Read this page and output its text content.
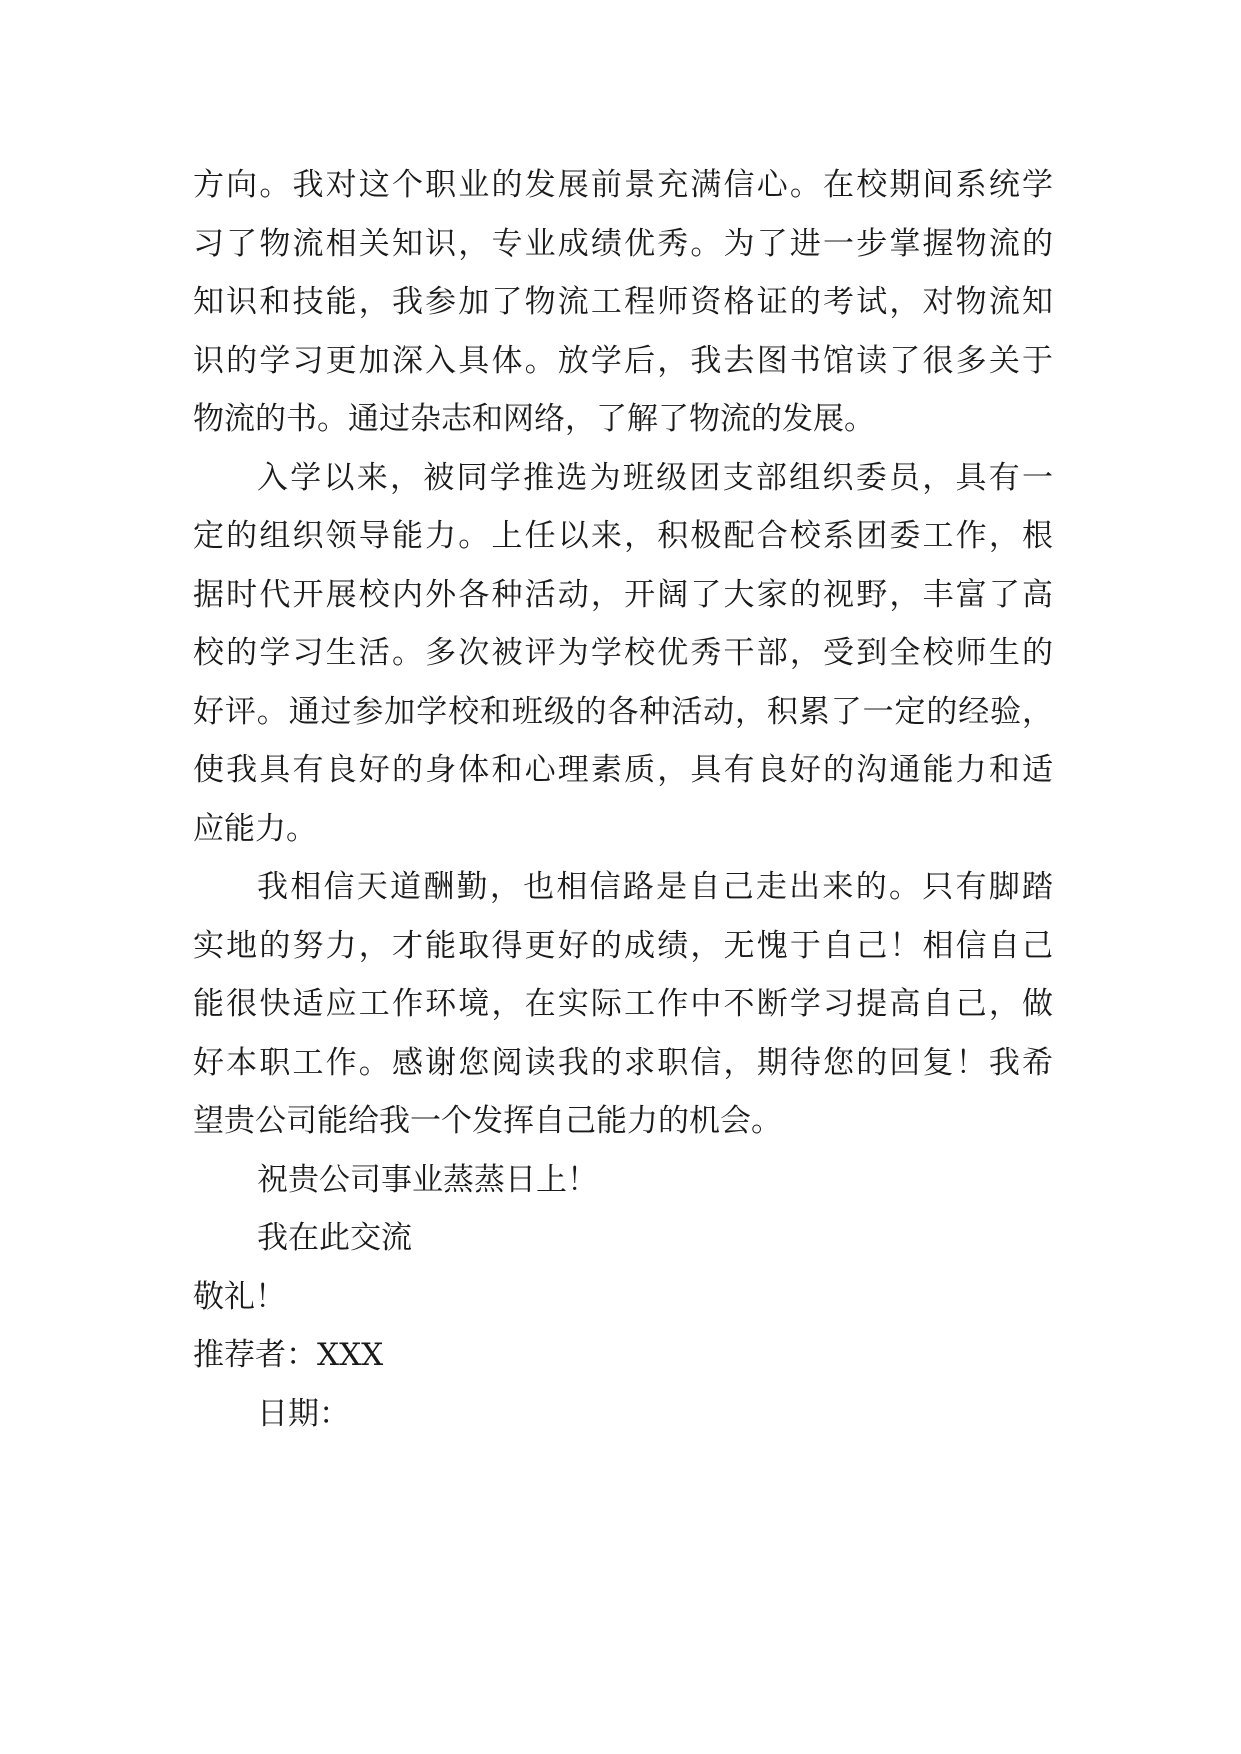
方向。我对这个职业的发展前景充满信心。在校期间系统学
习了物流相关知识，专业成绩优秀。为了进一步掌握物流的
知识和技能，我参加了物流工程师资格证的考试，对物流知
识的学习更加深入具体。放学后，我去图书馆读了很多关于
物流的书。通过杂志和网络，了解了物流的发展。
入学以来，被同学推选为班级团支部组织委员，具有一
定的组织领导能力。上任以来，积极配合校系团委工作，根
据时代开展校内外各种活动，开阔了大家的视野，丰富了高
校的学习生活。多次被评为学校优秀干部，受到全校师生的
好评。通过参加学校和班级的各种活动，积累了一定的经验，
使我具有良好的身体和心理素质，具有良好的沟通能力和适
应能力。
我相信天道酬勤，也相信路是自己走出来的。只有脚踏
实地的努力，才能取得更好的成绩，无愧于自己！相信自己
能很快适应工作环境，在实际工作中不断学习提高自己，做
好本职工作。感谢您阅读我的求职信，期待您的回复！我希
望贵公司能给我一个发挥自己能力的机会。
祝贵公司事业蒸蒸日上！
我在此交流
敬礼！
推荐者：XXX
日期：
